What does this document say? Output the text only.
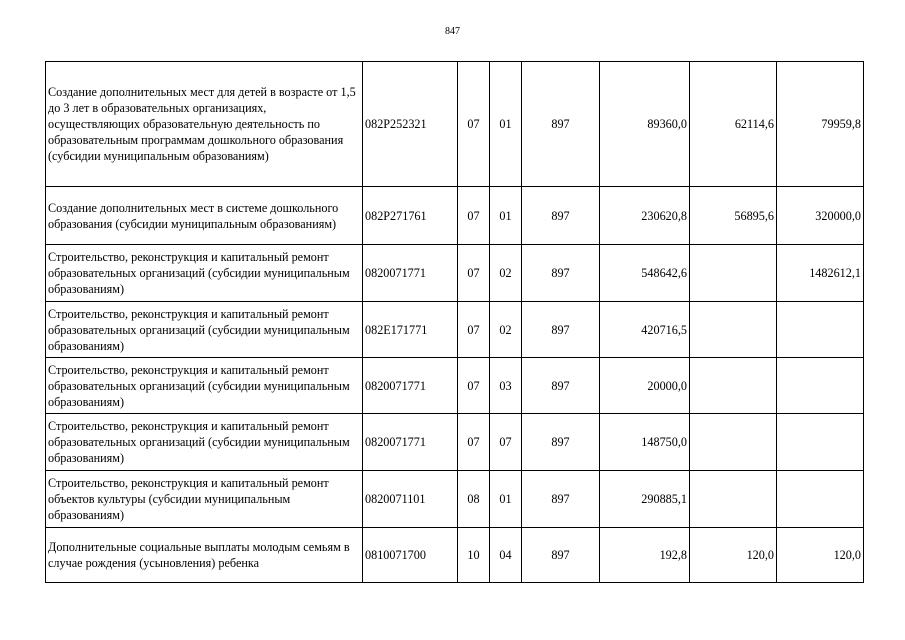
847
Создание дополнительных мест для детей в возрасте от 1,5 до 3 лет в образовательных организациях, осуществляющих образовательную деятельность по образовательным программам дошкольного образования (субсидии муниципальным образованиям)	082P252321	07	01	897	89360,0	62114,6	79959,8
Создание дополнительных мест в системе дошкольного образования (субсидии муниципальным образованиям)	082P271761	07	01	897	230620,8	56895,6	320000,0
Строительство, реконструкция и капитальный ремонт образовательных организаций (субсидии муниципальным образованиям)	0820071771	07	02	897	548642,6		1482612,1
Строительство, реконструкция и капитальный ремонт образовательных организаций (субсидии муниципальным образованиям)	082E171771	07	02	897	420716,5		
Строительство, реконструкция и капитальный ремонт образовательных организаций (субсидии муниципальным образованиям)	0820071771	07	03	897	20000,0		
Строительство, реконструкция и капитальный ремонт образовательных организаций (субсидии муниципальным образованиям)	0820071771	07	07	897	148750,0		
Строительство, реконструкция и капитальный ремонт объектов культуры (субсидии муниципальным образованиям)	0820071101	08	01	897	290885,1		
Дополнительные социальные выплаты молодым семьям в случае рождения (усыновления) ребенка	0810071700	10	04	897	192,8	120,0	120,0
